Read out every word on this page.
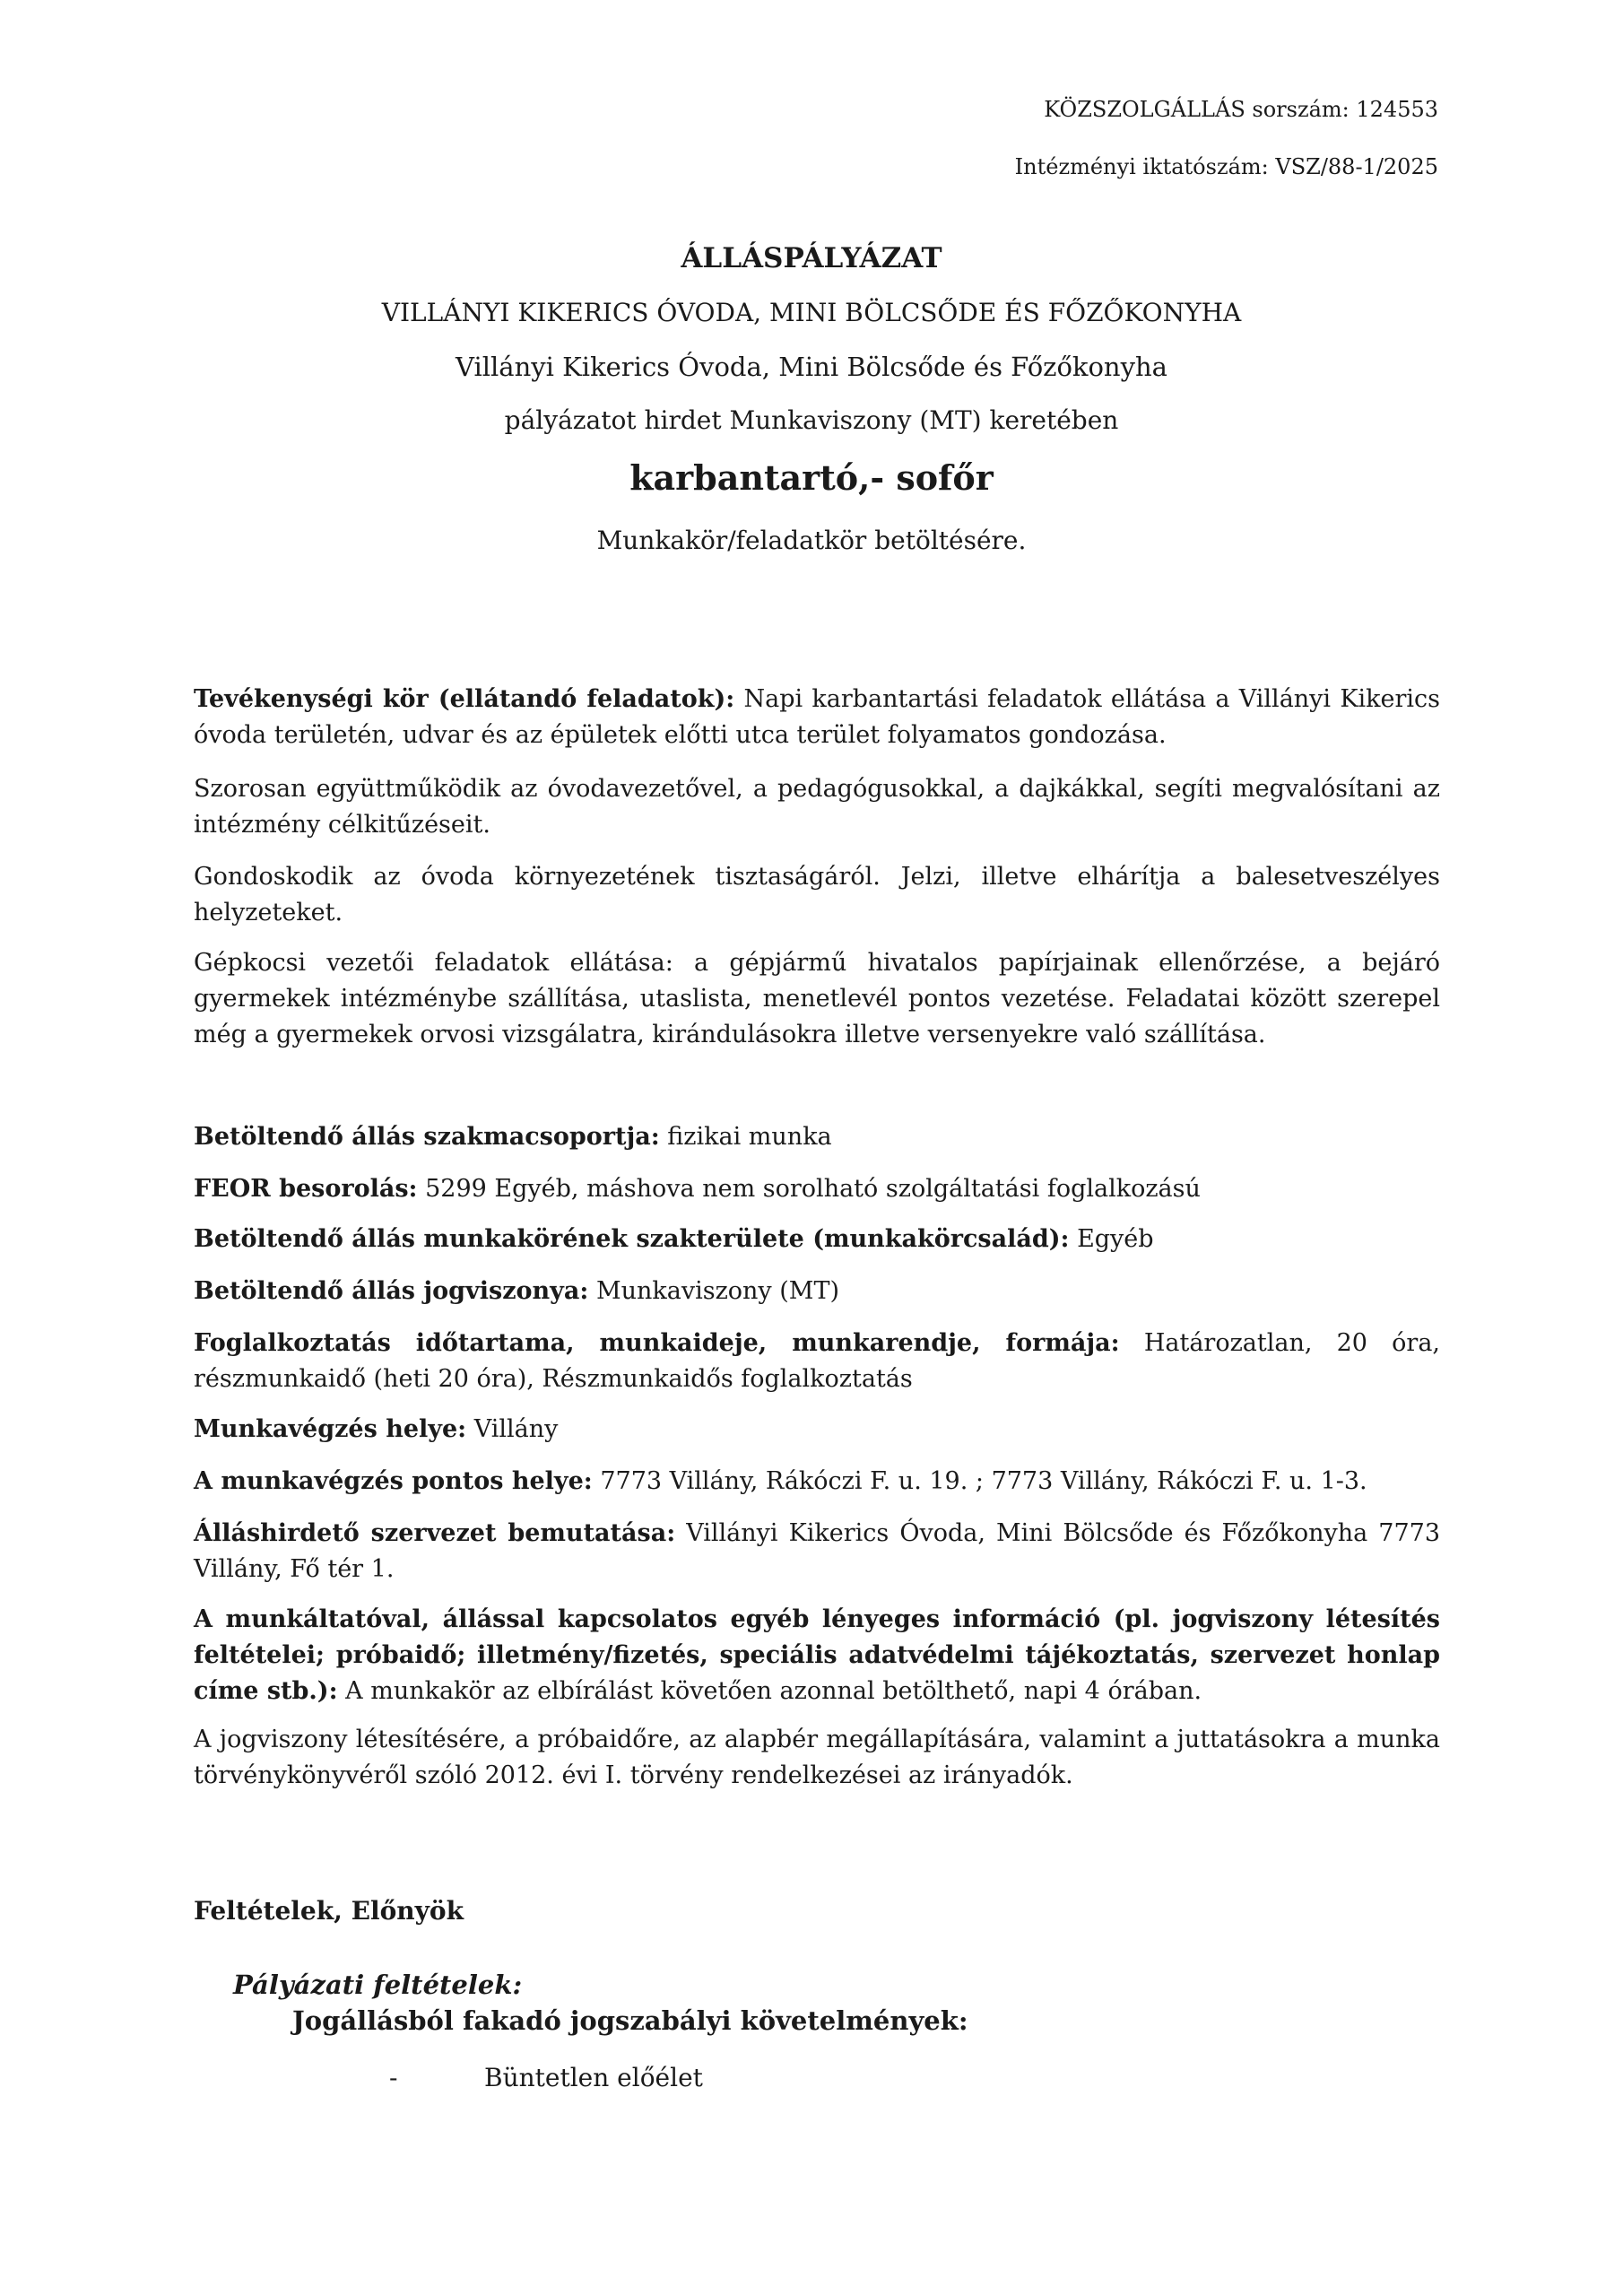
KÖZSZOLGÁLLÁS sorszám: 124553
Intézményi iktatószám: VSZ/88-1/2025
ÁLLÁSPÁLYÁZAT
VILLÁNYI KIKERICS ÓVODA, MINI BÖLCSŐDE ÉS FŐZŐKONYHA
Villányi Kikerics Óvoda, Mini Bölcsőde és Főzőkonyha
pályázatot hirdet Munkaviszony (MT) keretében
karbantartó,- sofőr
Munkakör/feladatkör betöltésére.
Tevékenységi kör (ellátandó feladatok): Napi karbantartási feladatok ellátása a Villányi Kikerics óvoda területén, udvar és az épületek előtti utca terület folyamatos gondozása.
Szorosan együttműködik az óvodavezetővel, a pedagógusokkal, a dajkákkal, segíti megvalósítani az intézmény célkitűzéseit.
Gondoskodik az óvoda környezetének tisztaságáról. Jelzi, illetve elhárítja a balesetveszélyes helyzeteket.
Gépkocsi vezetői feladatok ellátása: a gépjármű hivatalos papírjainak ellenőrzése, a bejáró gyermekek intézménybe szállítása, utaslista, menetlevél pontos vezetése. Feladatai között szerepel még a gyermekek orvosi vizsgálatra, kirándulásokra illetve versenyekre való szállítása.
Betöltendő állás szakmacsoportja: fizikai munka
FEOR besorolás: 5299 Egyéb, máshova nem sorolható szolgáltatási foglalkozású
Betöltendő állás munkakörének szakterülete (munkakörcsalád): Egyéb
Betöltendő állás jogviszonya: Munkaviszony (MT)
Foglalkoztatás időtartama, munkaideje, munkarendje, formája: Határozatlan, 20 óra, részmunkaidő (heti 20 óra), Részmunkaidős foglalkoztatás
Munkavégzés helye: Villány
A munkavégzés pontos helye: 7773 Villány, Rákóczi F. u. 19. ; 7773 Villány, Rákóczi F. u. 1-3.
Álláshirdető szervezet bemutatása: Villányi Kikerics Óvoda, Mini Bölcsőde és Főzőkonyha 7773 Villány, Fő tér 1.
A munkáltatóval, állással kapcsolatos egyéb lényeges információ (pl. jogviszony létesítés feltételei; próbaidő; illetmény/fizetés, speciális adatvédelmi tájékoztatás, szervezet honlap címe stb.): A munkakör az elbírálást követően azonnal betölthető, napi 4 órában.
A jogviszony létesítésére, a próbaidőre, az alapbér megállapítására, valamint a juttatásokra a munka törvénykönyvéről szóló 2012. évi I. törvény rendelkezései az irányadók.
Feltételek, Előnyök
Pályázati feltételek:
Jogállásból fakadó jogszabályi követelmények:
-	Büntetlen előélet
